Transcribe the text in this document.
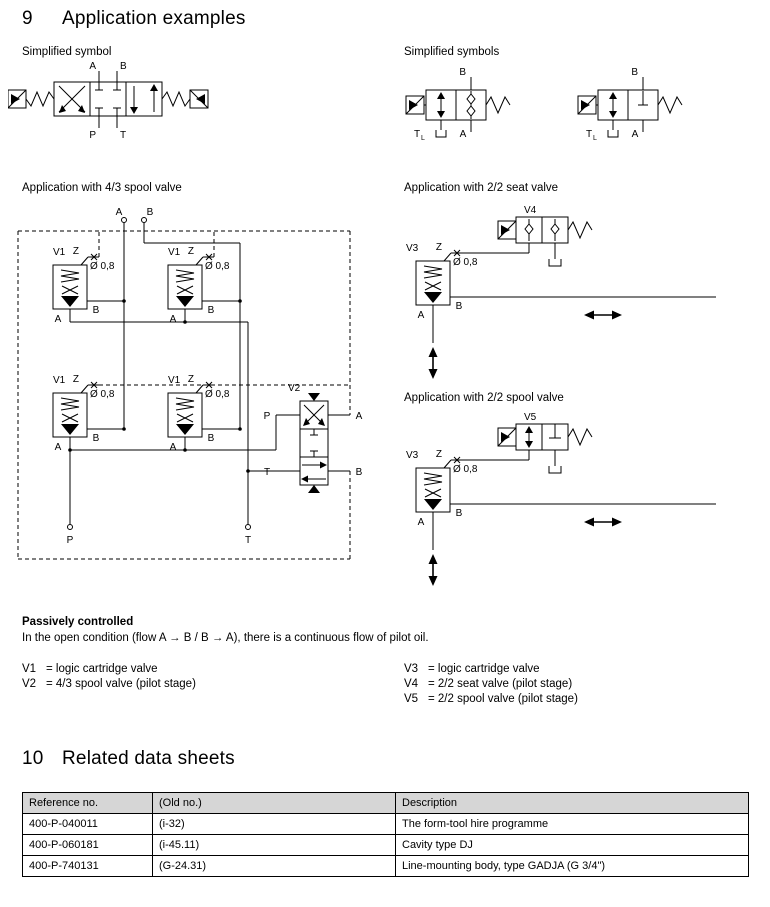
9 Application examples
Simplified symbol	Simplified symbols
A B
P T
Application with 4/3 spool valve	Application with 2/2 seat valve
A B
P	T
V1	V1
V1	V1
V2
P	A
T	B
V3
V4
Application with 2/2 spool valve
V3
V5
Passively controlled
In the open condition (flow A → B / B → A), there is a continuous flow of pilot oil.
V1 = logic cartridge valve
V2 = 4/3 spool valve (pilot stage)
V3 = logic cartridge valve
V4 = 2/2 seat valve (pilot stage)
V5 = 2/2 spool valve (pilot stage)
10 Related data sheets
Reference no.	(Old no.)	Description
400-P-040011	(i-32)	The form-tool hire programme
400-P-060181	(i-45.11)	Cavity type DJ
400-P-740131	(G-24.31)	Line-mounting body, type GADJA (G 3/4")
